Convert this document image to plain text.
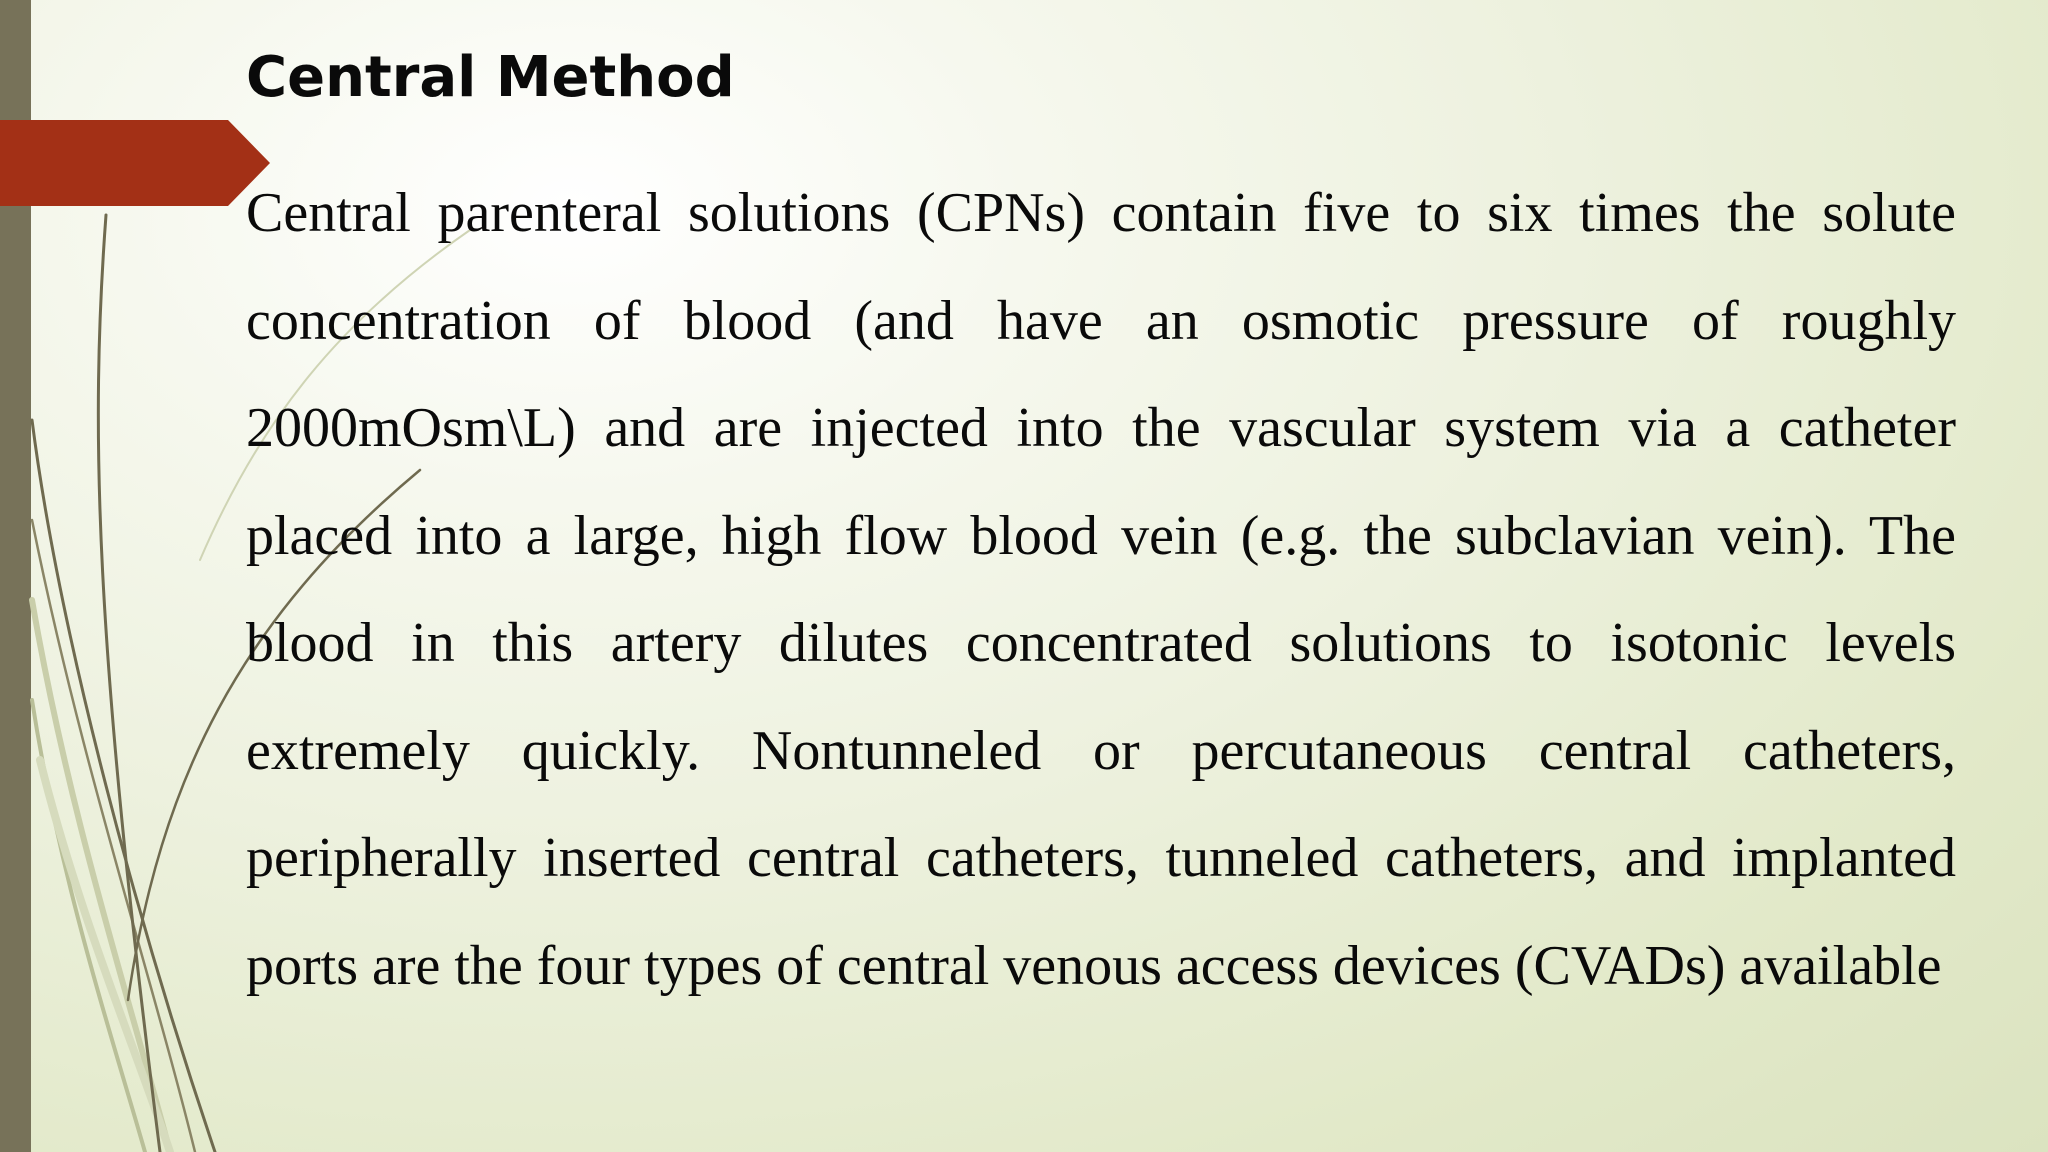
Central Method

Central parenteral solutions (CPNs) contain five to six times the solute concentration of blood (and have an osmotic pressure of roughly 2000mOsm\L) and are injected into the vascular system via a catheter placed into a large, high flow blood vein (e.g. the subclavian vein). The blood in this artery dilutes concentrated solutions to isotonic levels extremely quickly. Nontunneled or percutaneous central catheters, peripherally inserted central catheters, tunneled catheters, and implanted ports are the four types of central venous access devices (CVADs) available
